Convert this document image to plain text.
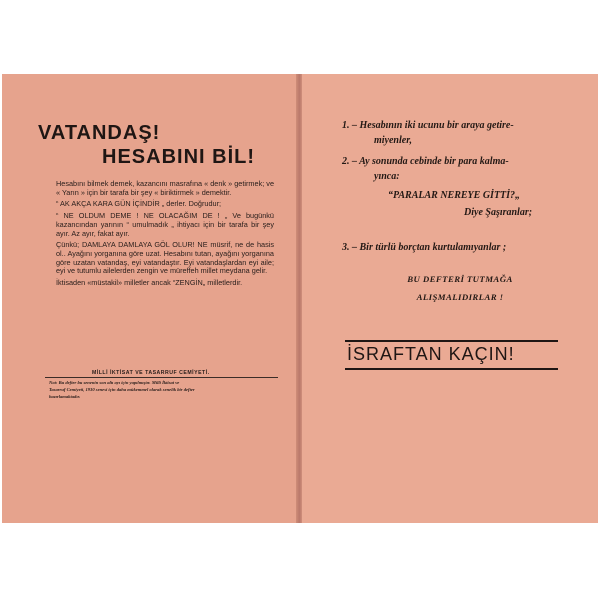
VATANDAŞ!
HESABINI BİL!

Hesabını bilmek demek, kazancını masrafına « denk » getirmek; ve « Yarın » için bir tarafa bir şey « biriktirmek » demektir.

“ AK AKÇA KARA GÜN İÇİNDİR „ derler. Doğrudur;

“ NE OLDUM DEME ! NE OLACAĞIM DE ! „ Ve bugünkü kazancından yarının “ umulmadık „ ihtiyacı için bir tarafa bir şey ayır. Az ayır, fakat ayır.

Çünkü; DAMLAYA DAMLAYA GÖL OLUR! NE müsrif, ne de hasis ol.. Ayağını yorganına göre uzat. Hesabını tutan, ayağını yorganına göre uzatan vatandaş, eyi vatandaştır. Eyi vatandaşlardan eyi aile; eyi ve tutumlu ailelerden zengin ve müreffeh millet meydana gelir.

İktisaden «müstakil» milletler ancak “ZENGİN„ milletlerdir.

MİLLİ İKTİSAT VE TASARRUF CEMİYETİ.
Not: Bu defter bu senenin son altı ayı için yapılmıştır. Milli İktisat ve
Tasarruf Cemiyeti, 1930 senesi için daha mükemmel olarak senelik bir defter
hazırlamaktadır.
1. – Hesabının iki ucunu bir araya getire-
miyenler,
2. – Ay sonunda cebinde bir para kalma-
yınca:
“PARALAR NEREYE GİTTİ?„
Diye Şaşıranlar;
3. – Bir türlü borçtan kurtulamıyanlar ;
BU DEFTERİ TUTMAĞA
ALIŞMALIDIRLAR !
İSRAFTAN KAÇIN!
